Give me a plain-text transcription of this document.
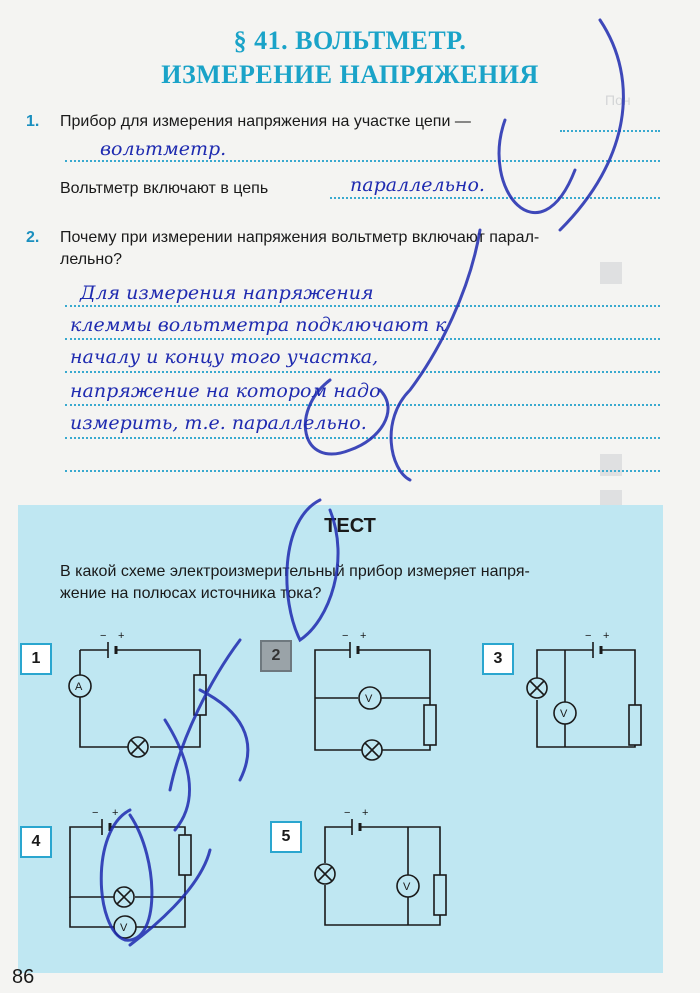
Пон
§ 41. ВОЛЬТМЕТР.
ИЗМЕРЕНИЕ НАПРЯЖЕНИЯ
1. Прибор для измерения напряжения на участке цепи —
вольтметр.
Вольтметр включают в цепь	параллельно.
2. Почему при измерении напряжения вольтметр включают парал-
лельно?
Для измерения напряжения
клеммы вольтметра подключают к
началу и концу того участка,
напряжение на котором надо
измерить, т.е. параллельно.
ТЕСТ
В какой схеме электроизмерительный прибор измеряет напря-
жение на полюсах источника тока?
1
A
− +
2
V
− +
3
V
− +
4
V
− +
5
V
− +
86
